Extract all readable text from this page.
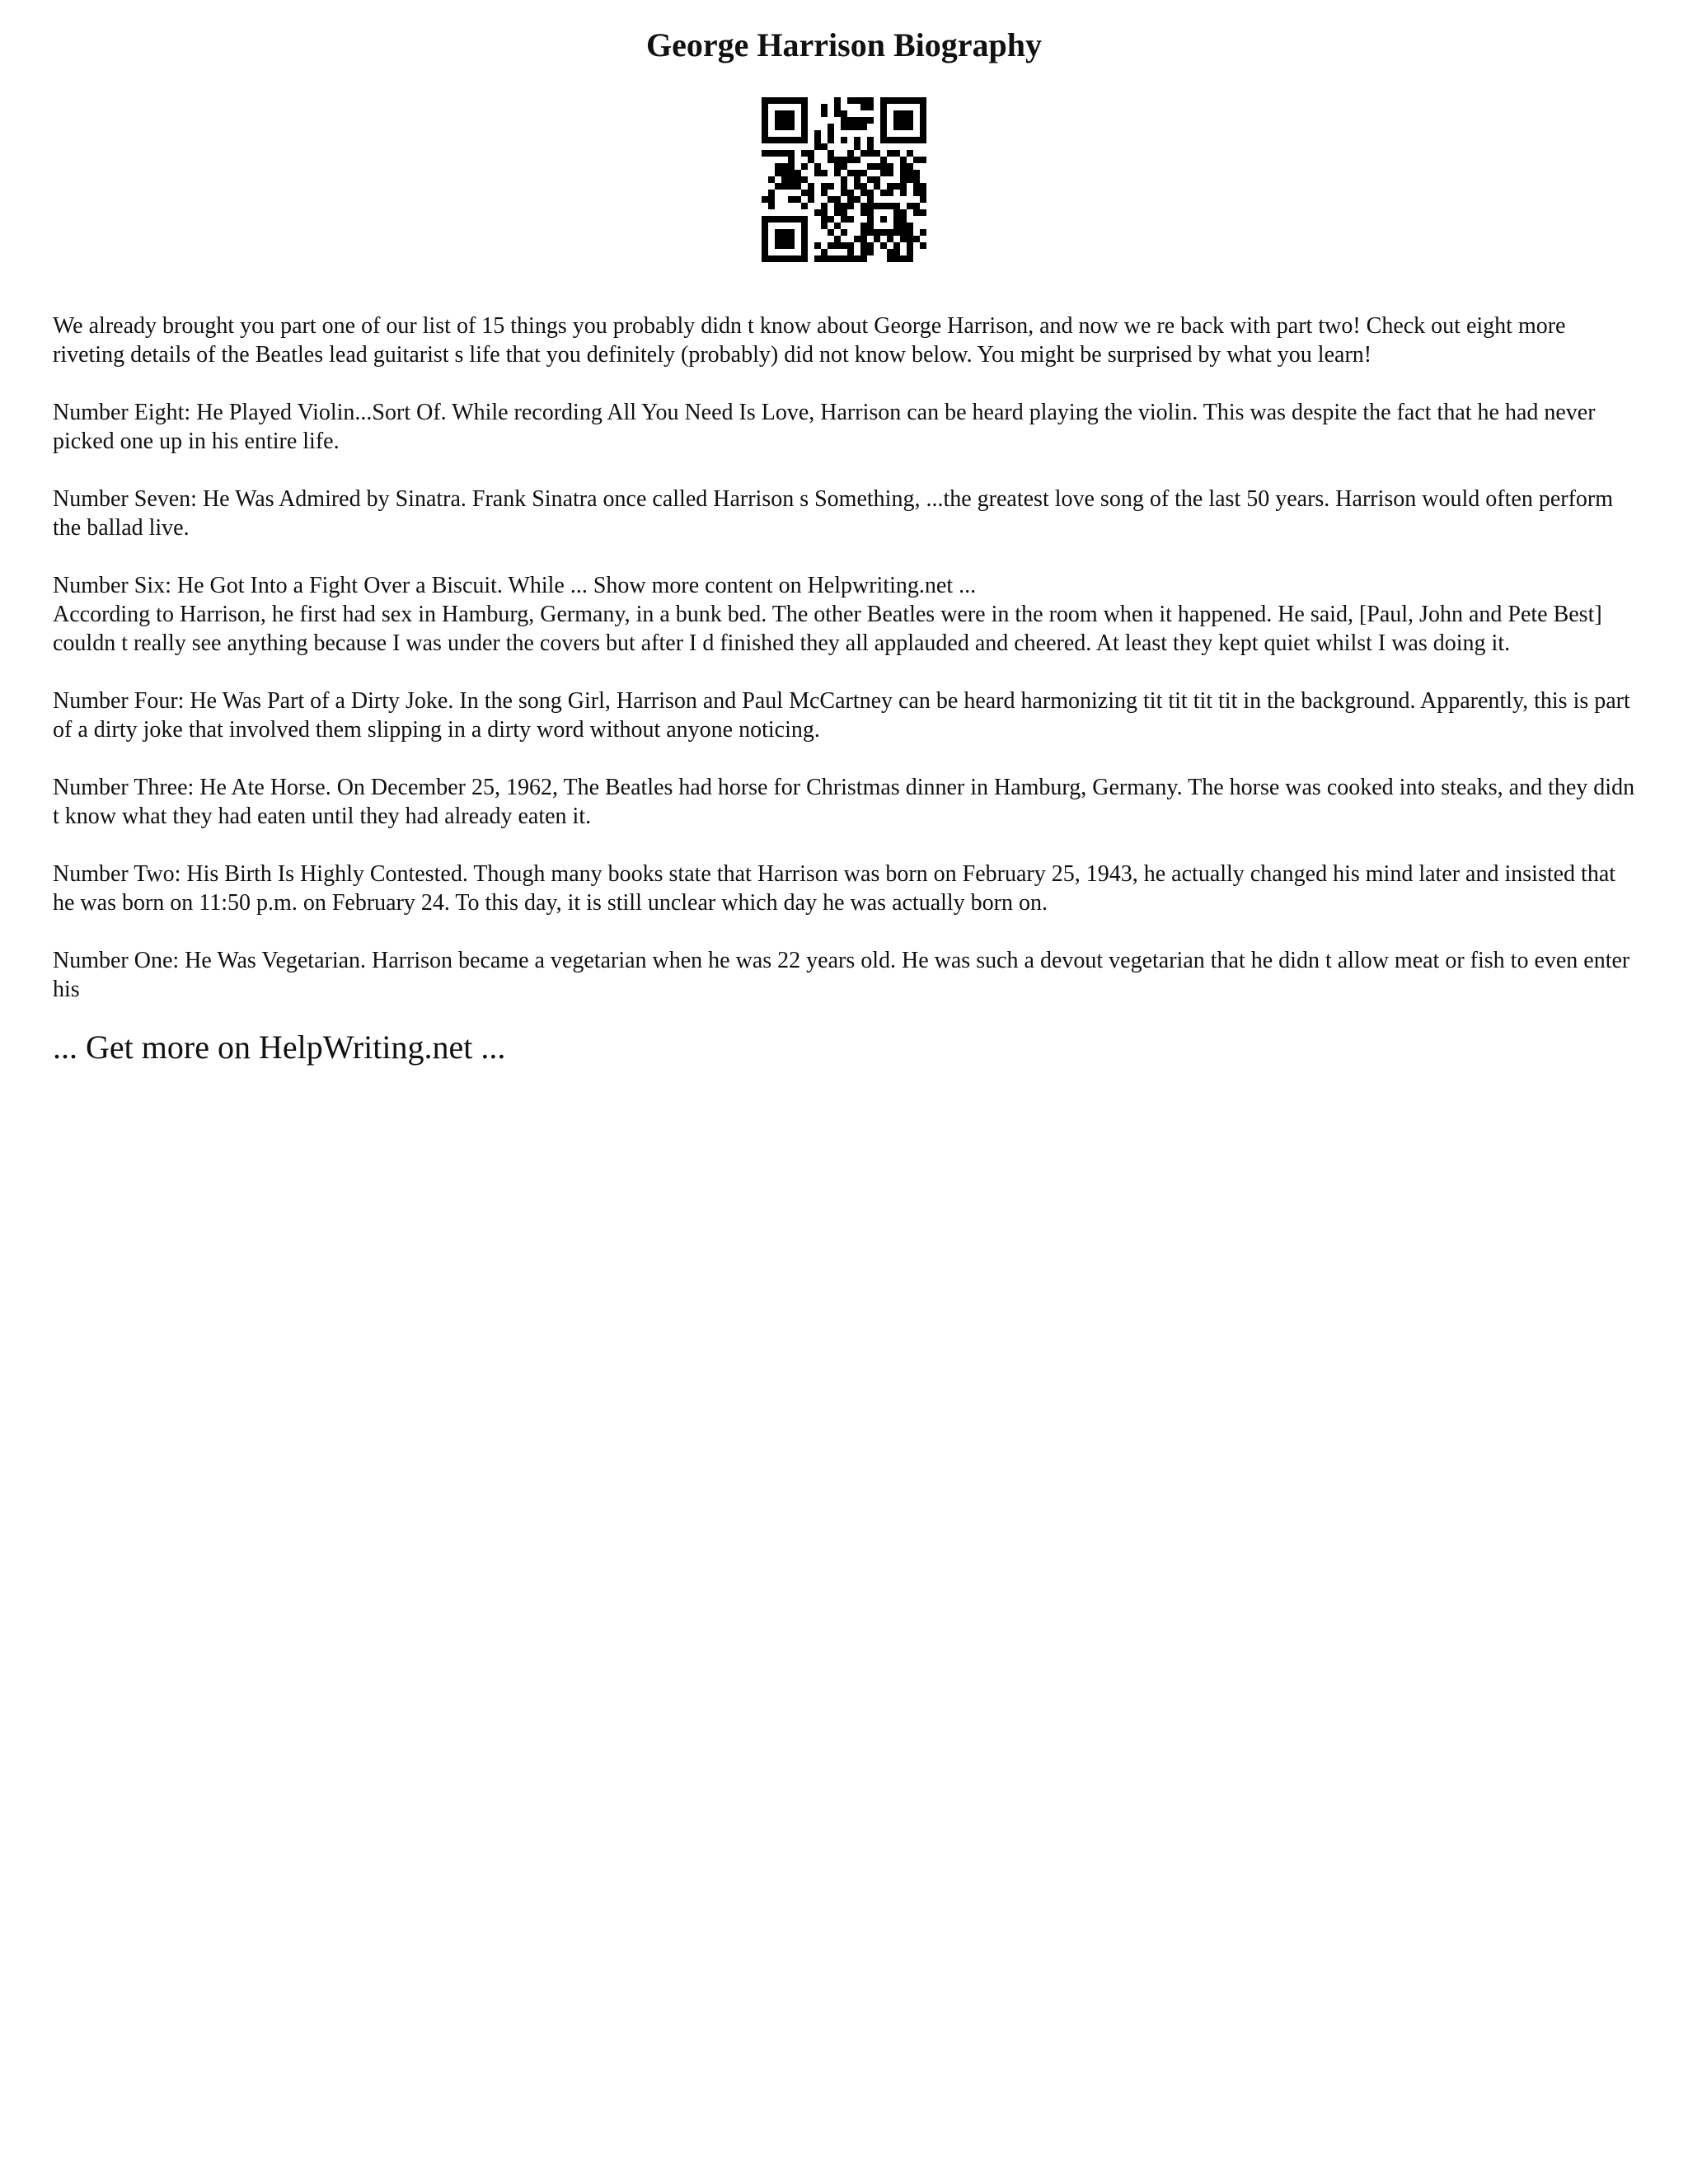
George Harrison Biography

We already brought you part one of our list of 15 things you probably didn t know about George Harrison, and now we re back with part two! Check out eight more riveting details of the Beatles lead guitarist s life that you definitely (probably) did not know below. You might be surprised by what you learn!

Number Eight: He Played Violin...Sort Of. While recording All You Need Is Love, Harrison can be heard playing the violin. This was despite the fact that he had never picked one up in his entire life.

Number Seven: He Was Admired by Sinatra. Frank Sinatra once called Harrison s Something, ...the greatest love song of the last 50 years. Harrison would often perform the ballad live.

Number Six: He Got Into a Fight Over a Biscuit. While ... Show more content on Helpwriting.net ...

According to Harrison, he first had sex in Hamburg, Germany, in a bunk bed. The other Beatles were in the room when it happened. He said, [Paul, John and Pete Best] couldn t really see anything because I was under the covers but after I d finished they all applauded and cheered. At least they kept quiet whilst I was doing it.

Number Four: He Was Part of a Dirty Joke. In the song Girl, Harrison and Paul McCartney can be heard harmonizing tit tit tit tit in the background. Apparently, this is part of a dirty joke that involved them slipping in a dirty word without anyone noticing.

Number Three: He Ate Horse. On December 25, 1962, The Beatles had horse for Christmas dinner in Hamburg, Germany. The horse was cooked into steaks, and they didn t know what they had eaten until they had already eaten it.

Number Two: His Birth Is Highly Contested. Though many books state that Harrison was born on February 25, 1943, he actually changed his mind later and insisted that he was born on 11:50 p.m. on February 24. To this day, it is still unclear which day he was actually born on.

Number One: He Was Vegetarian. Harrison became a vegetarian when he was 22 years old. He was such a devout vegetarian that he didn t allow meat or fish to even enter his

... Get more on HelpWriting.net ...
